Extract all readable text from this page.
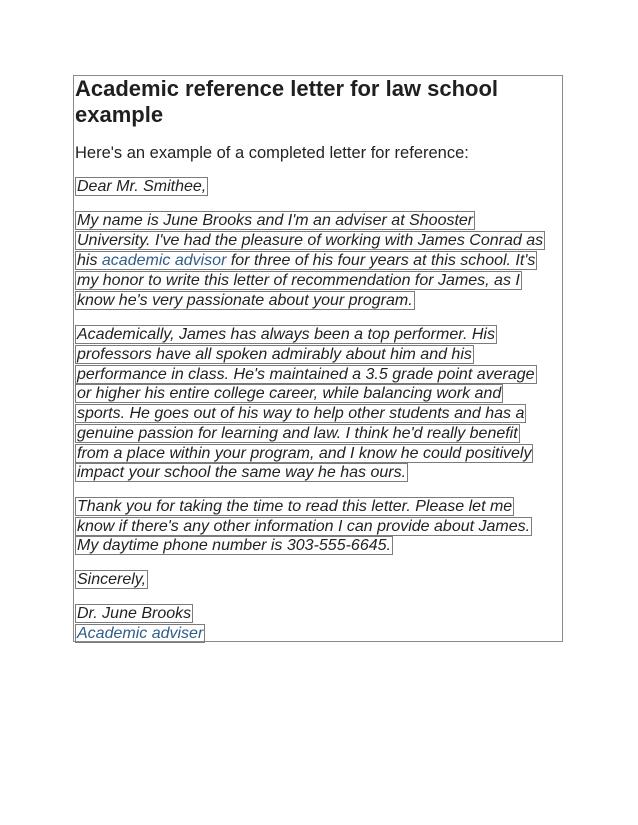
Academic reference letter for law school example
Here's an example of a completed letter for reference:
Dear Mr. Smithee,
My name is June Brooks and I'm an adviser at Shooster
University. I've had the pleasure of working with James Conrad as
his academic advisor for three of his four years at this school. It's
my honor to write this letter of recommendation for James, as I
know he's very passionate about your program.
Academically, James has always been a top performer. His
professors have all spoken admirably about him and his
performance in class. He's maintained a 3.5 grade point average
or higher his entire college career, while balancing work and
sports. He goes out of his way to help other students and has a
genuine passion for learning and law. I think he'd really benefit
from a place within your program, and I know he could positively
impact your school the same way he has ours.
Thank you for taking the time to read this letter. Please let me
know if there's any other information I can provide about James.
My daytime phone number is 303-555-6645.
Sincerely,
Dr. June Brooks
Academic adviser
